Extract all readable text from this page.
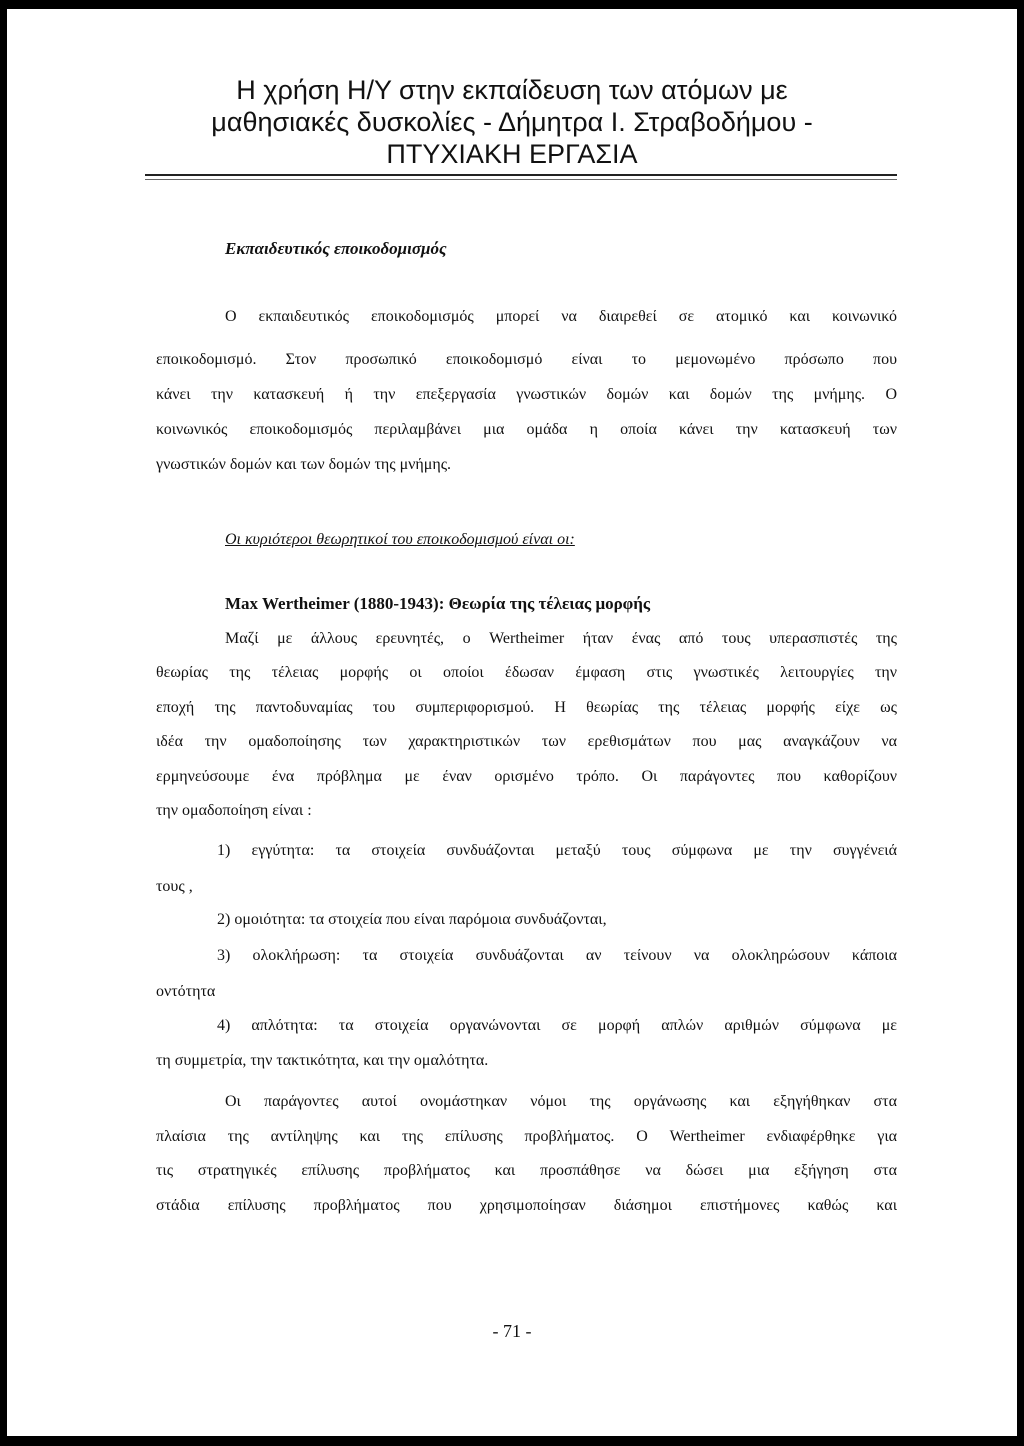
Η χρήση Η/Υ στην εκπαίδευση των ατόμων με
μαθησιακές δυσκολίες - Δήμητρα Ι. Στραβοδήμου -
ΠΤΥΧΙΑΚΗ ΕΡΓΑΣΙΑ
Εκπαιδευτικός εποικοδομισμός
Ο εκπαιδευτικός εποικοδομισμός μπορεί να διαιρεθεί σε ατομικό και κοινωνικό
εποικοδομισμό. Στον προσωπικό εποικοδομισμό είναι το μεμονωμένο πρόσωπο που
κάνει την κατασκευή ή την επεξεργασία γνωστικών δομών και δομών της μνήμης. Ο
κοινωνικός εποικοδομισμός περιλαμβάνει μια ομάδα η οποία κάνει την κατασκευή των
γνωστικών δομών και των δομών της μνήμης.
Οι κυριότεροι θεωρητικοί του εποικοδομισμού είναι οι:
Max Wertheimer (1880-1943): Θεωρία της τέλειας μορφής
Μαζί με άλλους ερευνητές, ο Wertheimer ήταν ένας από τους υπερασπιστές της
θεωρίας της τέλειας μορφής οι οποίοι έδωσαν έμφαση στις γνωστικές λειτουργίες την
εποχή της παντοδυναμίας του συμπεριφορισμού. Η θεωρίας της τέλειας μορφής είχε ως
ιδέα την ομαδοποίησης των χαρακτηριστικών των ερεθισμάτων που μας αναγκάζουν να
ερμηνεύσουμε ένα πρόβλημα με έναν ορισμένο τρόπο. Οι παράγοντες που καθορίζουν
την ομαδοποίηση είναι :
1) εγγύτητα: τα στοιχεία συνδυάζονται μεταξύ τους σύμφωνα με την συγγένειά
τους ,
2) ομοιότητα: τα στοιχεία που είναι παρόμοια συνδυάζονται,
3) ολοκλήρωση: τα στοιχεία συνδυάζονται αν τείνουν να ολοκληρώσουν κάποια
οντότητα
4) απλότητα: τα στοιχεία οργανώνονται σε μορφή απλών αριθμών σύμφωνα με
τη συμμετρία, την τακτικότητα, και την ομαλότητα.
Οι παράγοντες αυτοί ονομάστηκαν νόμοι της οργάνωσης και εξηγήθηκαν στα
πλαίσια της αντίληψης και της επίλυσης προβλήματος. Ο Wertheimer ενδιαφέρθηκε για
τις στρατηγικές επίλυσης προβλήματος και προσπάθησε να δώσει μια εξήγηση στα
στάδια επίλυσης προβλήματος που χρησιμοποίησαν διάσημοι επιστήμονες καθώς και
- 71 -
